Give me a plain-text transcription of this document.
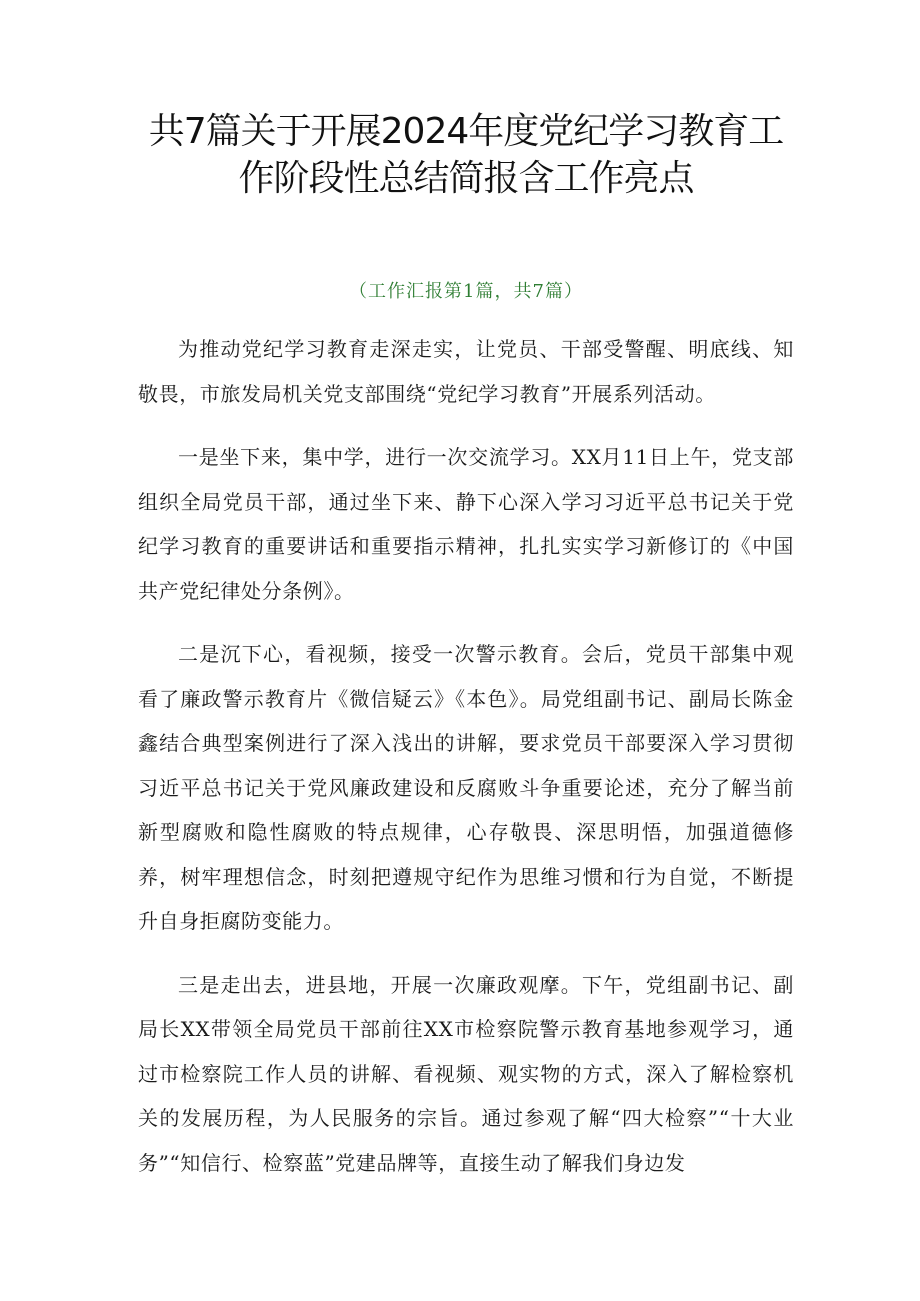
共7篇关于开展2024年度党纪学习教育工
作阶段性总结简报含工作亮点

（工作汇报第1篇，共7篇）

为推动党纪学习教育走深走实，让党员、干部受警醒、明底线、知敬畏，市旅发局机关党支部围绕“党纪学习教育”开展系列活动。

一是坐下来，集中学，进行一次交流学习。XX月11日上午，党支部组织全局党员干部，通过坐下来、静下心深入学习习近平总书记关于党纪学习教育的重要讲话和重要指示精神，扎扎实实学习新修订的《中国共产党纪律处分条例》。

二是沉下心，看视频，接受一次警示教育。会后，党员干部集中观看了廉政警示教育片《微信疑云》《本色》。局党组副书记、副局长陈金鑫结合典型案例进行了深入浅出的讲解，要求党员干部要深入学习贯彻习近平总书记关于党风廉政建设和反腐败斗争重要论述，充分了解当前新型腐败和隐性腐败的特点规律，心存敬畏、深思明悟，加强道德修养，树牢理想信念，时刻把遵规守纪作为思维习惯和行为自觉，不断提升自身拒腐防变能力。

三是走出去，进县地，开展一次廉政观摩。下午，党组副书记、副局长XX带领全局党员干部前往XX市检察院警示教育基地参观学习，通过市检察院工作人员的讲解、看视频、观实物的方式，深入了解检察机关的发展历程，为人民服务的宗旨。通过参观了解“四大检察”“十大业务”“知信行、检察蓝”党建品牌等，直接生动了解我们身边发
